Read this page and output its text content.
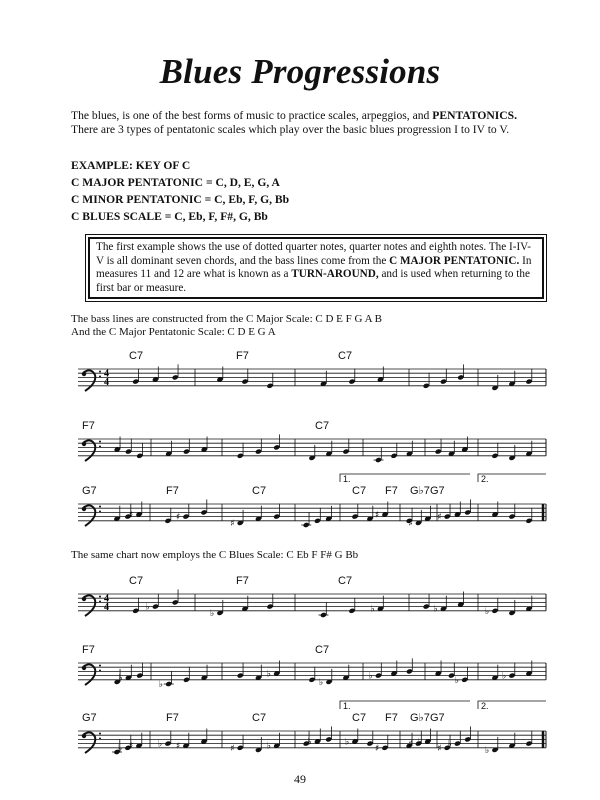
Blues Progressions
The blues, is one of the best forms of music to practice scales, arpeggios, and PENTATONICS. There are 3 types of pentatonic scales which play over the basic blues progression I to IV to V.
EXAMPLE: KEY OF C
C MAJOR PENTATONIC = C, D, E, G, A
C MINOR PENTATONIC = C, Eb, F, G, Bb
C BLUES SCALE = C, Eb, F, F#, G, Bb
The first example shows the use of dotted quarter notes, quarter notes and eighth notes. The I-IV-V is all dominant seven chords, and the bass lines come from the C MAJOR PENTATONIC. In measures 11 and 12 are what is known as a TURN-AROUND, and is used when returning to the first bar or measure.
The bass lines are constructed from the C Major Scale: C D E F G A B
And the C Major Pentatonic Scale: C D E G A
The same chart now employs the C Blues Scale: C Eb F F# G Bb
4
4
C7	F7	C7
F7	C7
G7	F7	C7	C7 F7 G♭7 G7
♯	♯
♯
♯
♯
♯
1.	2.
4
4
C7	F7	C7
♭
♭	♭	♭	♭
F7	C7
♭
♭
♭
♭
♭	♭	♭
G7	F7	C7	C7 F7 G♭7 G7
♭ ♯	♭ ♯	♯	♭	♭	♭
♯	♯ ♭
♯ ♭
♭
1.	2.
49
